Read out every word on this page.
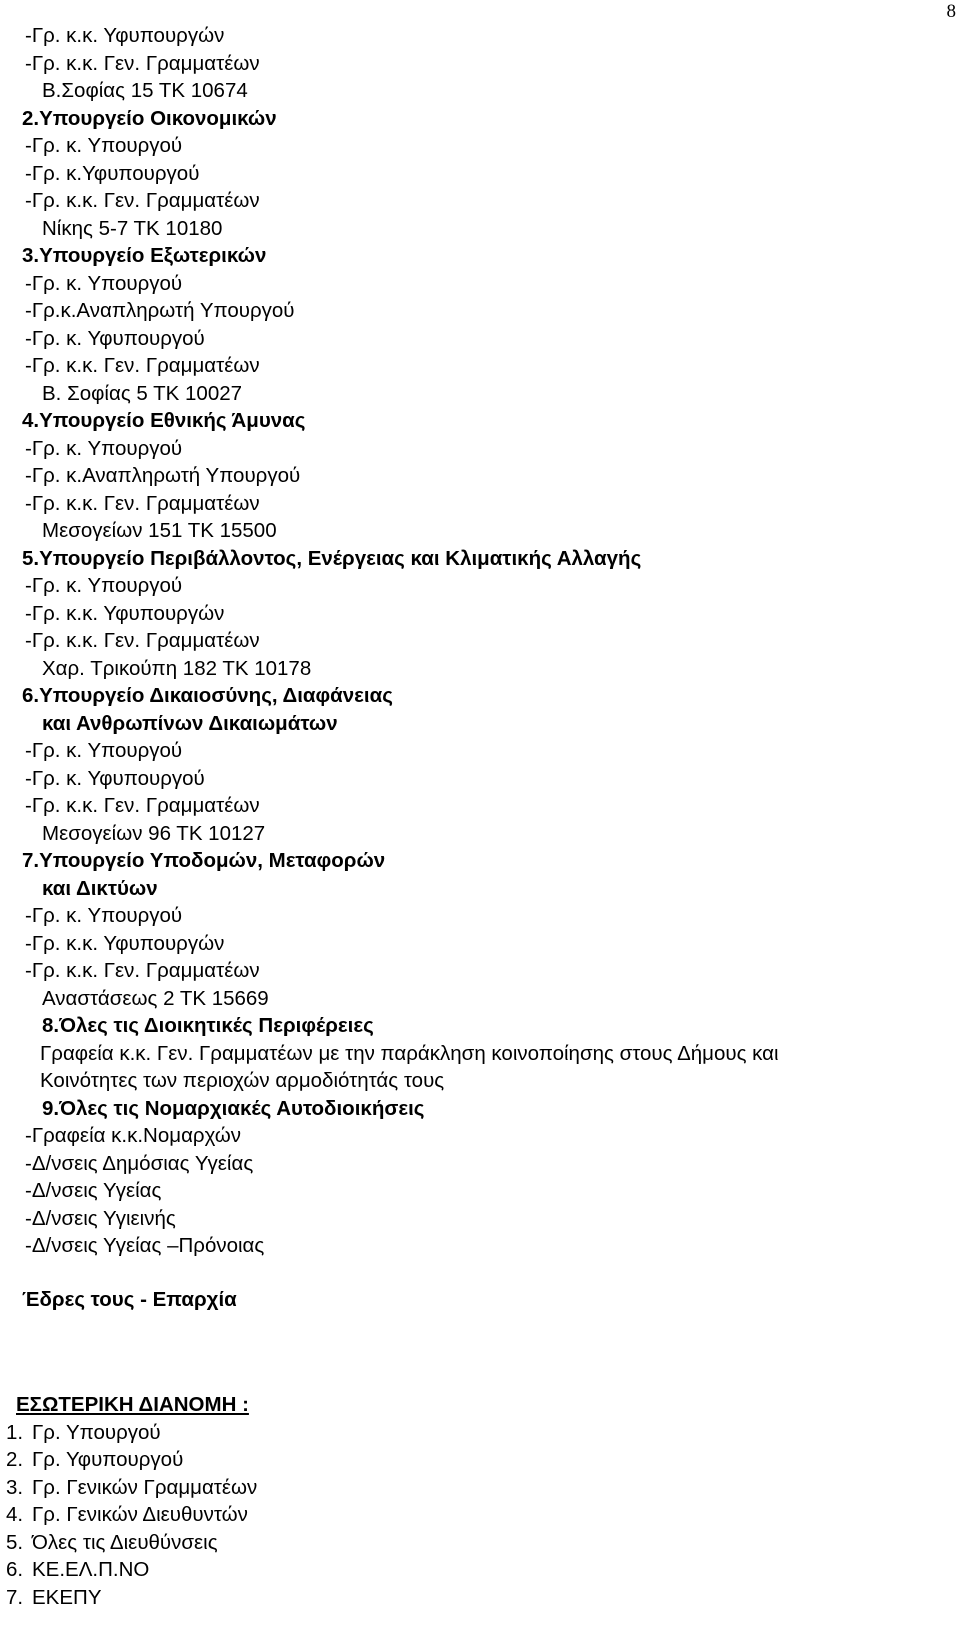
8
-Γρ. κ.κ. Υφυπουργών
-Γρ. κ.κ. Γεν. Γραμματέων
Β.Σοφίας 15 ΤΚ 10674
2.Υπουργείο Οικονομικών
-Γρ. κ. Υπουργού
-Γρ. κ.Υφυπουργού
-Γρ. κ.κ. Γεν. Γραμματέων
Νίκης 5-7 ΤΚ 10180
3.Υπουργείο Εξωτερικών
-Γρ. κ. Υπουργού
-Γρ.κ.Αναπληρωτή Υπουργού
-Γρ. κ. Υφυπουργού
-Γρ. κ.κ. Γεν. Γραμματέων
Β. Σοφίας 5 ΤΚ 10027
4.Υπουργείο Εθνικής Άμυνας
-Γρ. κ. Υπουργού
-Γρ. κ.Αναπληρωτή Υπουργού
-Γρ. κ.κ. Γεν. Γραμματέων
Μεσογείων 151 ΤΚ 15500
5.Υπουργείο Περιβάλλοντος, Ενέργειας και Κλιματικής Αλλαγής
-Γρ. κ. Υπουργού
-Γρ. κ.κ. Υφυπουργών
-Γρ. κ.κ. Γεν. Γραμματέων
Χαρ. Τρικούπη 182 ΤΚ 10178
6.Υπουργείο Δικαιοσύνης, Διαφάνειας
και Ανθρωπίνων Δικαιωμάτων
-Γρ. κ. Υπουργού
-Γρ. κ. Υφυπουργού
-Γρ. κ.κ. Γεν. Γραμματέων
Μεσογείων 96 ΤΚ 10127
7.Υπουργείο Υποδομών, Μεταφορών
και Δικτύων
-Γρ. κ. Υπουργού
-Γρ. κ.κ. Υφυπουργών
-Γρ. κ.κ. Γεν. Γραμματέων
Αναστάσεως 2 ΤΚ 15669
8.Όλες τις Διοικητικές Περιφέρειες
Γραφεία κ.κ. Γεν. Γραμματέων με την παράκληση κοινοποίησης στους Δήμους και
Κοινότητες των περιοχών αρμοδιότητάς τους
9.Όλες τις Νομαρχιακές Αυτοδιοικήσεις
-Γραφεία κ.κ.Νομαρχών
-Δ/νσεις Δημόσιας Υγείας
-Δ/νσεις Υγείας
-Δ/νσεις Υγιεινής
-Δ/νσεις Υγείας –Πρόνοιας
Έδρες τους - Επαρχία
ΕΣΩΤΕΡΙΚΗ ΔΙΑΝΟΜΗ :
1. Γρ. Υπουργού
2. Γρ. Υφυπουργού
3. Γρ. Γενικών Γραμματέων
4. Γρ. Γενικών Διευθυντών
5. Όλες τις Διευθύνσεις
6. ΚΕ.ΕΛ.Π.ΝΟ
7. ΕΚΕΠΥ
